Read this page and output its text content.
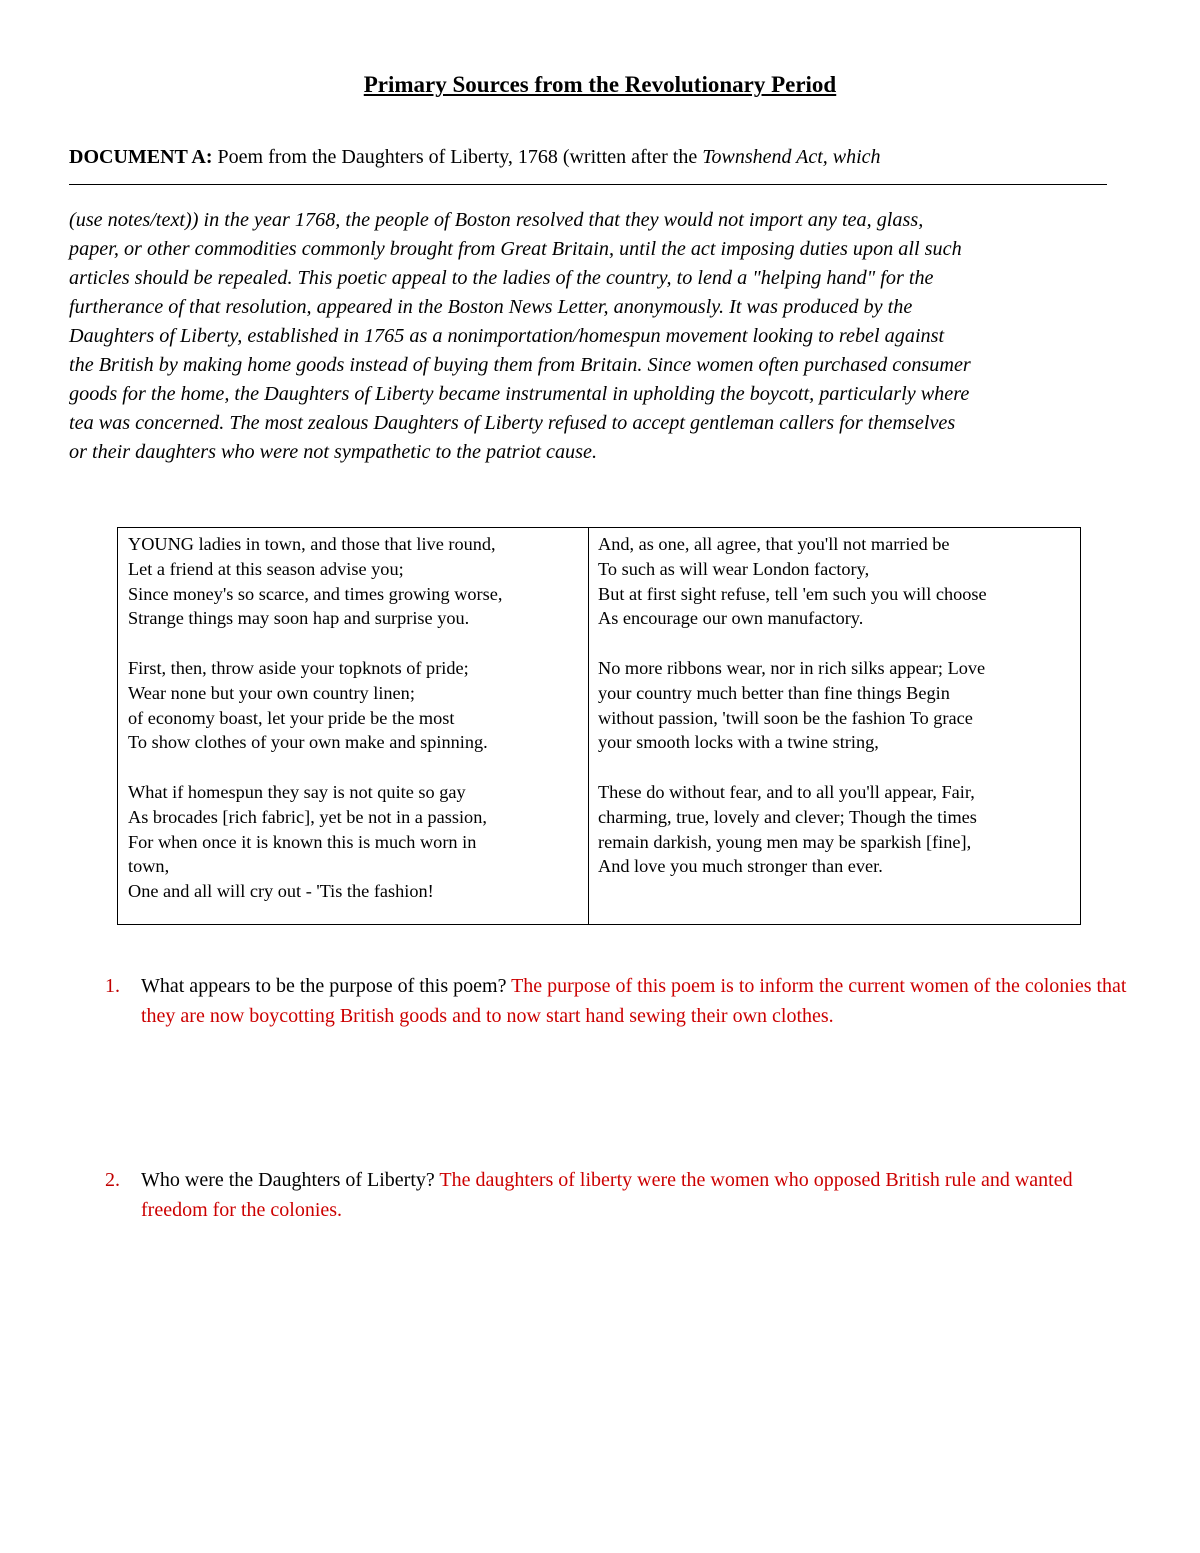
Primary Sources from the Revolutionary Period
DOCUMENT A: Poem from the Daughters of Liberty, 1768 (written after the Townshend Act, which
(use notes/text)) in the year 1768, the people of Boston resolved that they would not import any tea, glass,
paper, or other commodities commonly brought from Great Britain, until the act imposing duties upon all such
articles should be repealed. This poetic appeal to the ladies of the country, to lend a "helping hand" for the
furtherance of that resolution, appeared in the Boston News Letter, anonymously. It was produced by the
Daughters of Liberty, established in 1765 as a nonimportation/homespun movement looking to rebel against
the British by making home goods instead of buying them from Britain. Since women often purchased consumer
goods for the home, the Daughters of Liberty became instrumental in upholding the boycott, particularly where
tea was concerned. The most zealous Daughters of Liberty refused to accept gentleman callers for themselves
or their daughters who were not sympathetic to the patriot cause.
YOUNG ladies in town, and those that live round,
Let a friend at this season advise you;
Since money's so scarce, and times growing worse,
Strange things may soon hap and surprise you.
First, then, throw aside your topknots of pride;
Wear none but your own country linen;
of economy boast, let your pride be the most
To show clothes of your own make and spinning.
What if homespun they say is not quite so gay
As brocades [rich fabric], yet be not in a passion,
For when once it is known this is much worn in
town,
One and all will cry out - 'Tis the fashion!
And, as one, all agree, that you'll not married be
To such as will wear London factory,
But at first sight refuse, tell 'em such you will choose
As encourage our own manufactory.
No more ribbons wear, nor in rich silks appear; Love
your country much better than fine things Begin
without passion, 'twill soon be the fashion To grace
your smooth locks with a twine string,
These do without fear, and to all you'll appear, Fair,
charming, true, lovely and clever; Though the times
remain darkish, young men may be sparkish [fine],
And love you much stronger than ever.
1. What appears to be the purpose of this poem? The purpose of this poem is to inform the current women of the colonies that they are now boycotting British goods and to now start hand sewing their own clothes.
2. Who were the Daughters of Liberty? The daughters of liberty were the women who opposed British rule and wanted freedom for the colonies.
